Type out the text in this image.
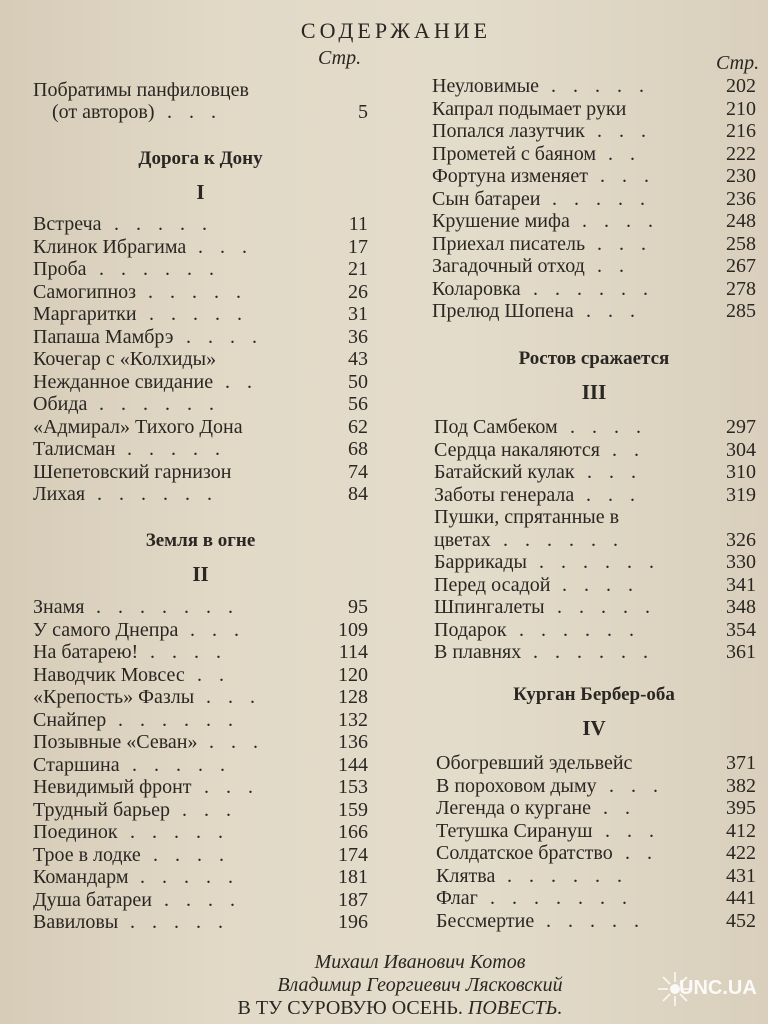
СОДЕРЖАНИЕ
Стр.	Стр.
Побратимы панфиловцев
(от авторов) . . .	5
Дорога к Дону
I
Встреча . . . . .	11
Клинок Ибрагима . . .	17
Проба . . . . . .	21
Самогипноз . . . . .	26
Маргаритки . . . . .	31
Папаша Мамбрэ . . . .	36
Кочегар с «Колхиды»	43
Нежданное свидание . .	50
Обида . . . . . .	56
«Адмирал» Тихого Дона	62
Талисман . . . . .	68
Шепетовский гарнизон	74
Лихая . . . . . .	84
Земля в огне
II
Знамя . . . . . . .	95
У самого Днепра . . .	109
На батарею! . . . .	114
Наводчик Мовсес . .	120
«Крепость» Фазлы . . .	128
Снайпер . . . . . .	132
Позывные «Севан» . . .	136
Старшина . . . . .	144
Невидимый фронт . . .	153
Трудный барьер . . .	159
Поединок . . . . .	166
Трое в лодке . . . .	174
Командарм . . . . .	181
Душа батареи . . . .	187
Вавиловы . . . . .	196
Неуловимые . . . . .	202
Капрал подымает руки	210
Попался лазутчик . . .	216
Прометей с баяном . .	222
Фортуна изменяет . . .	230
Сын батареи . . . . .	236
Крушение мифа . . . .	248
Приехал писатель . . .	258
Загадочный отход . .	267
Коларовка . . . . . .	278
Прелюд Шопена . . .	285
Ростов сражается
III
Под Самбеком . . . .	297
Сердца накаляются . .	304
Батайский кулак . . .	310
Заботы генерала . . .	319
Пушки, спрятанные в
цветах . . . . . .	326
Баррикады . . . . . .	330
Перед осадой . . . .	341
Шпингалеты . . . . .	348
Подарок . . . . . .	354
В плавнях . . . . . .	361
Курган Бербер-оба
IV
Обогревший эдельвейс	371
В пороховом дыму . . .	382
Легенда о кургане . .	395
Тетушка Сирануш . . .	412
Солдатское братство . .	422
Клятва . . . . . .	431
Флаг . . . . . . .	441
Бессмертие . . . . .	452
Михаил Иванович Котов
Владимир Георгиевич Лясковский
В ТУ СУРОВУЮ ОСЕНЬ. ПОВЕСТЬ.
UNC.UA
